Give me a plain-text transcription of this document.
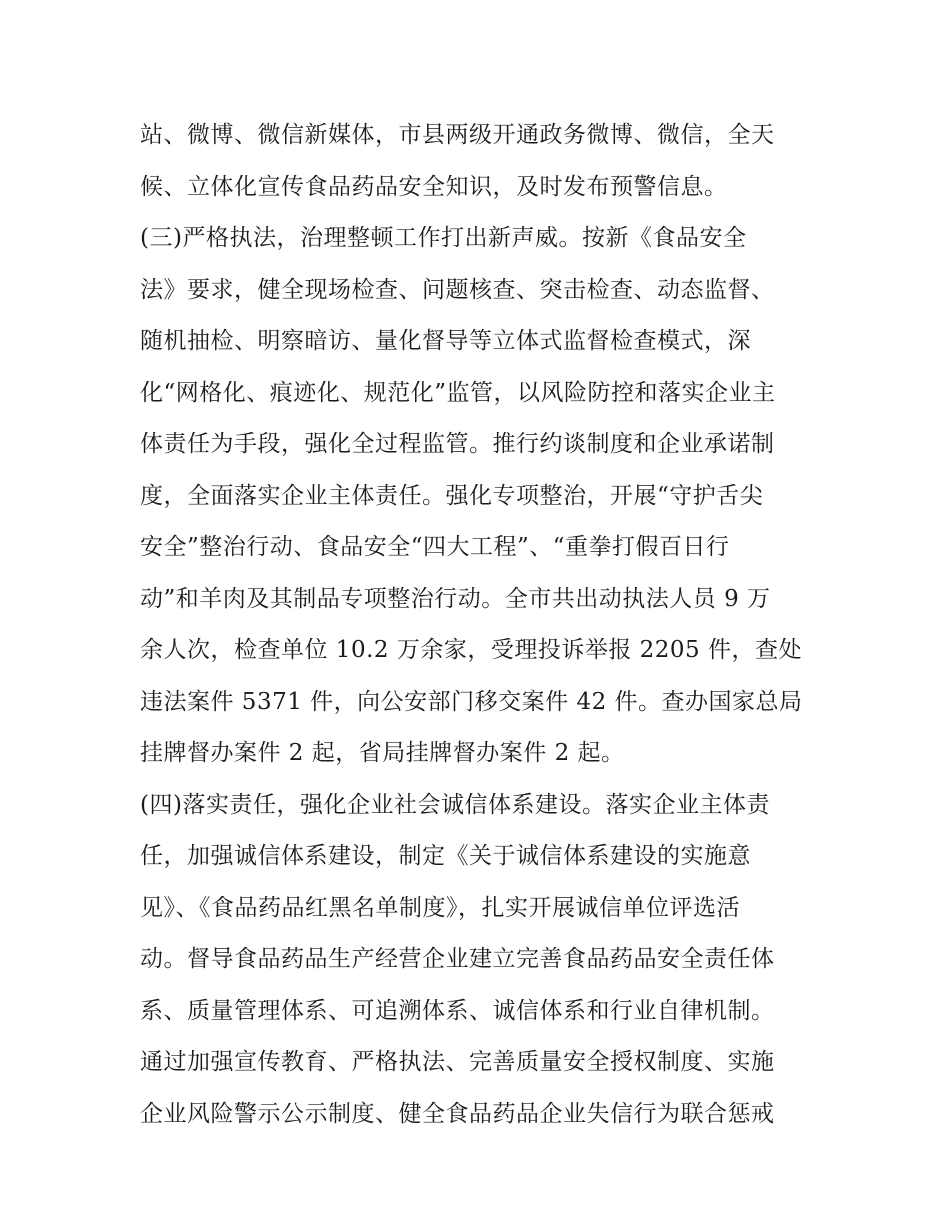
站、微博、微信新媒体，市县两级开通政务微博、微信，全天
候、立体化宣传食品药品安全知识，及时发布预警信息。
(三)严格执法，治理整顿工作打出新声威。按新《食品安全
法》要求，健全现场检查、问题核查、突击检查、动态监督、
随机抽检、明察暗访、量化督导等立体式监督检查模式，深
化“网格化、痕迹化、规范化”监管，以风险防控和落实企业主
体责任为手段，强化全过程监管。推行约谈制度和企业承诺制
度，全面落实企业主体责任。强化专项整治，开展“守护舌尖
安全”整治行动、食品安全“四大工程”、“重拳打假百日行
动”和羊肉及其制品专项整治行动。全市共出动执法人员 9 万
余人次，检查单位 10.2 万余家，受理投诉举报 2205 件，查处
违法案件 5371 件，向公安部门移交案件 42 件。查办国家总局
挂牌督办案件 2 起，省局挂牌督办案件 2 起。
(四)落实责任，强化企业社会诚信体系建设。落实企业主体责
任，加强诚信体系建设，制定《关于诚信体系建设的实施意
见》、《食品药品红黑名单制度》，扎实开展诚信单位评选活
动。督导食品药品生产经营企业建立完善食品药品安全责任体
系、质量管理体系、可追溯体系、诚信体系和行业自律机制。
通过加强宣传教育、严格执法、完善质量安全授权制度、实施
企业风险警示公示制度、健全食品药品企业失信行为联合惩戒
